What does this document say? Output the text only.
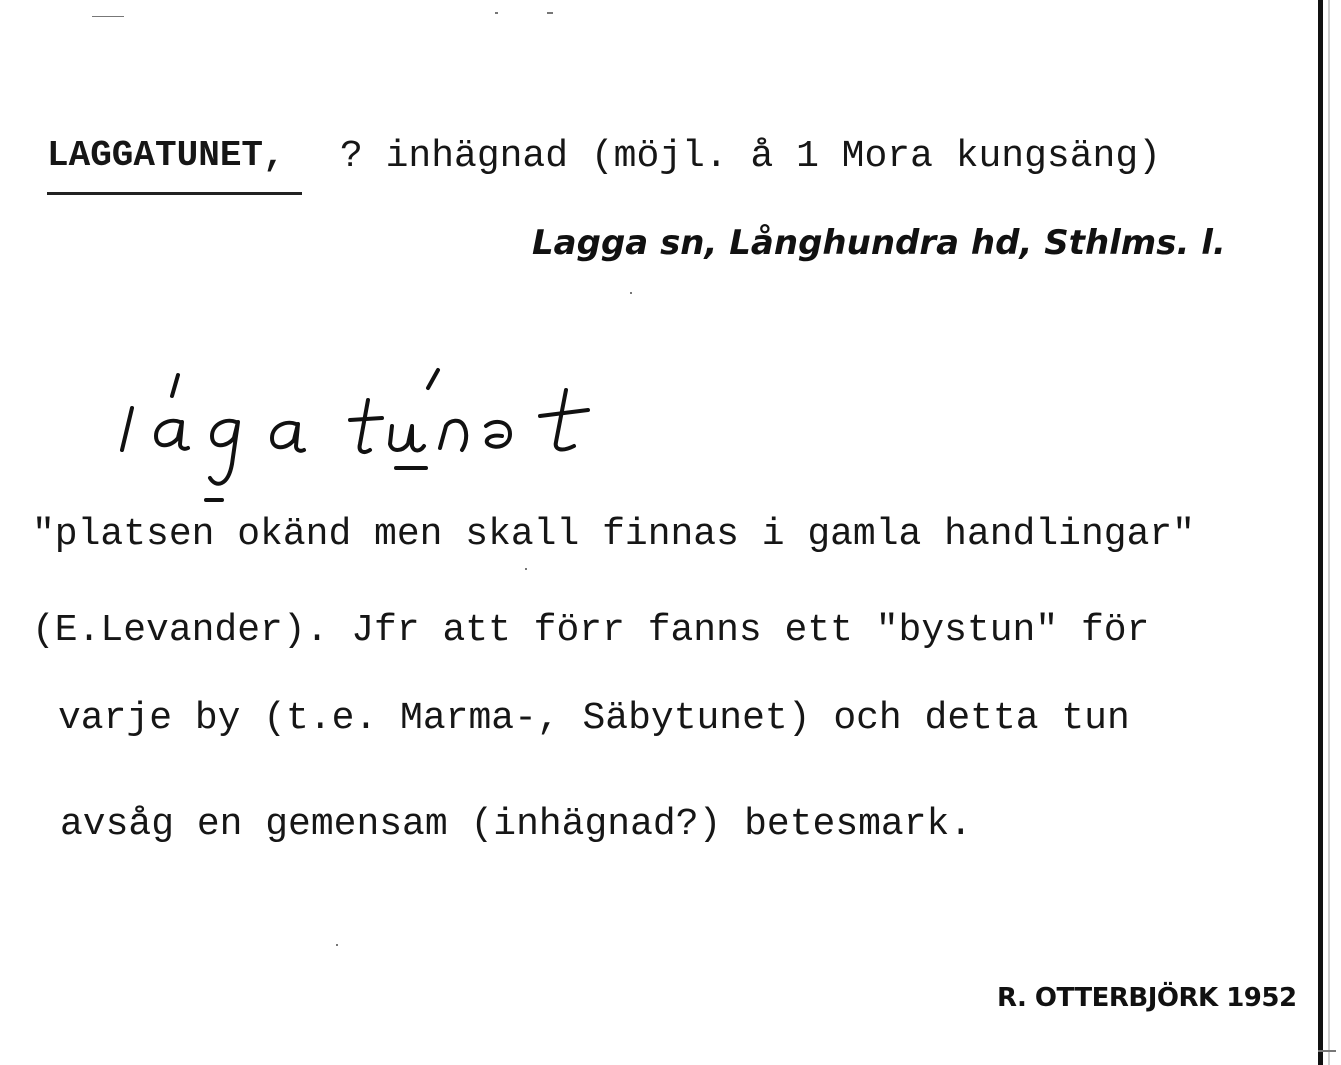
LAGGATUNET, ? inhägnad (möjl. å 1 Mora kungsäng)
Lagga sn, Långhundra hd, Sthlms. l.
"platsen okänd men skall finnas i gamla handlingar"
(E.Levander). Jfr att förr fanns ett "bystun" för
varje by (t.e. Marma-, Säbytunet) och detta tun
avsåg en gemensam (inhägnad?) betesmark.
R. OTTERBJÖRK 1952
